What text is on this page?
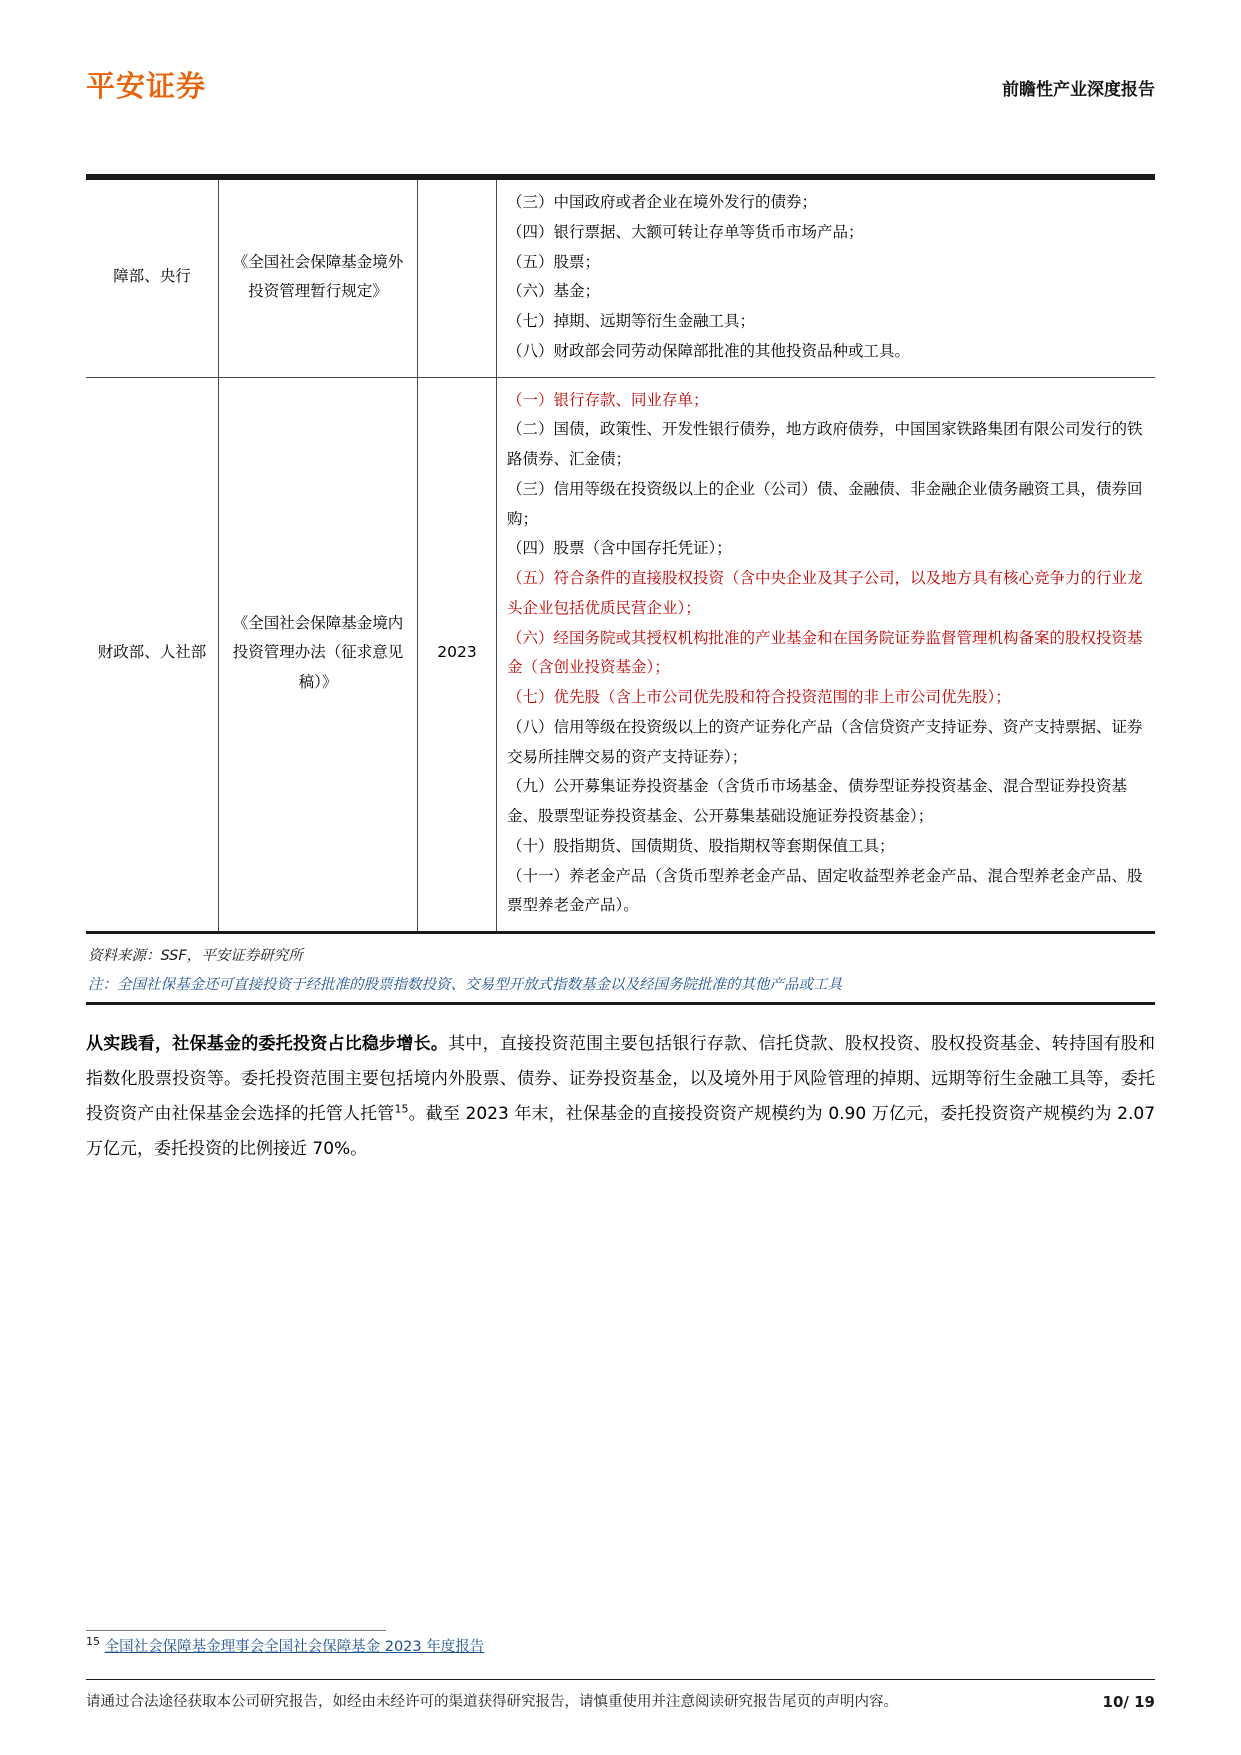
平安证券	前瞻性产业深度报告
障部、央行	《全国社会保障基金境外投资管理暂行规定》		

（三）中国政府或者企业在境外发行的债券；

（四）银行票据、大额可转让存单等货币市场产品；

（五）股票；

（六）基金；

（七）掉期、远期等衍生金融工具；

（八）财政部会同劳动保障部批准的其他投资品种或工具。

财政部、人社部	《全国社会保障基金境内投资管理办法（征求意见稿）》	2023	

（一）银行存款、同业存单；

（二）国债，政策性、开发性银行债券，地方政府债券，中国国家铁路集团有限公司发行的铁路债券、汇金债；

（三）信用等级在投资级以上的企业（公司）债、金融债、非金融企业债务融资工具，债券回购；

（四）股票（含中国存托凭证）；

（五）符合条件的直接股权投资（含中央企业及其子公司，以及地方具有核心竞争力的行业龙头企业包括优质民营企业）；

（六）经国务院或其授权机构批准的产业基金和在国务院证券监督管理机构备案的股权投资基金（含创业投资基金）；

（七）优先股（含上市公司优先股和符合投资范围的非上市公司优先股）；

（八）信用等级在投资级以上的资产证券化产品（含信贷资产支持证券、资产支持票据、证券交易所挂牌交易的资产支持证券）；

（九）公开募集证券投资基金（含货币市场基金、债券型证券投资基金、混合型证券投资基金、股票型证券投资基金、公开募集基础设施证券投资基金）；

（十）股指期货、国债期货、股指期权等套期保值工具；

（十一）养老金产品（含货币型养老金产品、固定收益型养老金产品、混合型养老金产品、股票型养老金产品）。

资料来源：SSF，平安证券研究所
注：全国社保基金还可直接投资于经批准的股票指数投资、交易型开放式指数基金以及经国务院批准的其他产品或工具
从实践看，社保基金的委托投资占比稳步增长。其中，直接投资范围主要包括银行存款、信托贷款、股权投资、股权投资基金、转持国有股和指数化股票投资等。委托投资范围主要包括境内外股票、债券、证券投资基金，以及境外用于风险管理的掉期、远期等衍生金融工具等，委托投资资产由社保基金会选择的托管人托管$^{15}$。截至 2023 年末，社保基金的直接投资资产规模约为 0.90 万亿元，委托投资资产规模约为 2.07 万亿元，委托投资的比例接近 70%。
$^{15}$ 全国社会保障基金理事会全国社会保障基金 2023 年度报告
请通过合法途径获取本公司研究报告，如经由未经许可的渠道获得研究报告，请慎重使用并注意阅读研究报告尾页的声明内容。	10/ 19
